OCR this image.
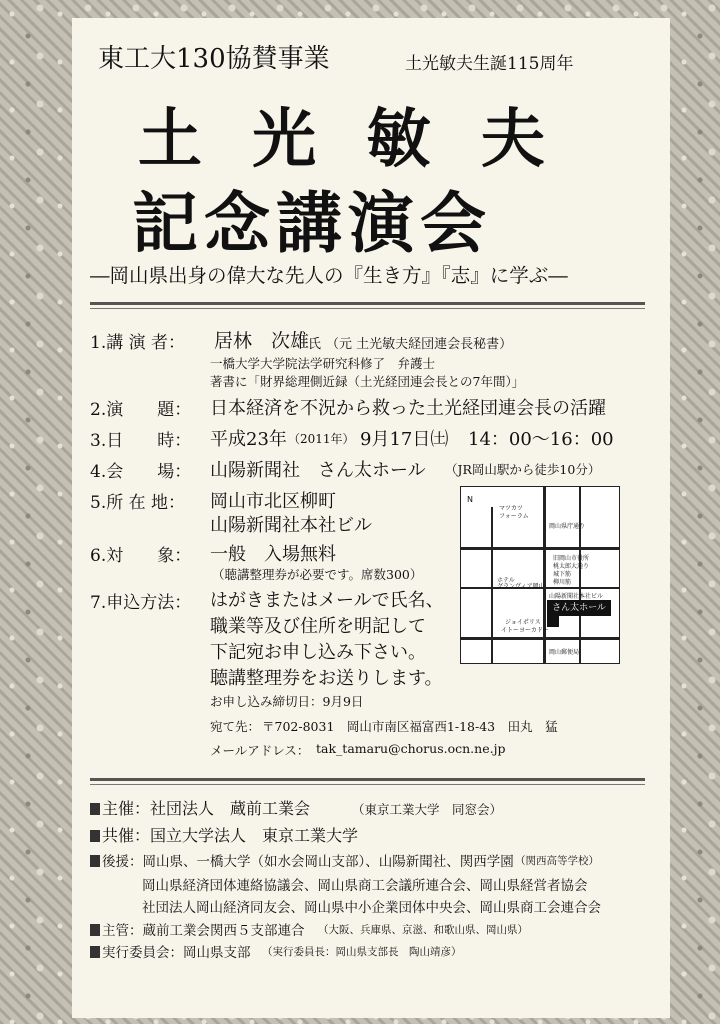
東工大130協賛事業	土光敏夫生誕115周年
土 光 敏 夫
記念講演会
―岡山県出身の偉大な先人の『生き方』『志』に学ぶ―
1.講 演 者： 居林　次雄
氏 （元 土光敏夫経団連会長秘書）
一橋大学大学院法学研究科修了　弁護士
著書に「財界総理側近録（土光経団連会長との7年間）」
2.演　　題： 日本経済を不況から救った土光経団連会長の活躍
3.日　　時： 平成23年 （2011年） 9月17日㈯ 14：00～16：00
4.会　　場： 山陽新聞社　さん太ホール （JR岡山駅から徒歩10分）
5.所 在 地： 岡山市北区柳町
山陽新聞社本社ビル
6.対　　象： 一般　入場無料
（聴講整理券が必要です。席数300）
7.申込方法： はがきまたはメールで氏名、
職業等及び住所を明記して
下記宛お申し込み下さい。
聴講整理券をお送りします。
お申し込み締切日：9月9日
宛て先： 〒702-8031　岡山市南区福富西1-18-43　田丸　猛
メールアドレス： tak_tamaru@chorus.ocn.ne.jp
N
マツカツ
フォーラム
岡山県庁通り
旧岡山市役所
桃太郎大通り
城下筋
ホテル
グランヴィア岡山
柳川筋
山陽新聞社本社ビル
ジョイポリス
イトーヨーカドー
岡山郵便局
さん太ホール
主催：社団法人　蔵前工業会	（東京工業大学　同窓会）
共催：国立大学法人　東京工業大学
後援：岡山県、一橋大学（如水会岡山支部）、山陽新聞社、関西学園 （関西高等学校）
岡山県経済団体連絡協議会、岡山県商工会議所連合会、岡山県経営者協会
社団法人岡山経済同友会、岡山県中小企業団体中央会、岡山県商工会連合会
主管：蔵前工業会関西５支部連合 （大阪、兵庫県、京滋、和歌山県、岡山県）
実行委員会：岡山県支部 （実行委員長：岡山県支部長　陶山靖彦）
